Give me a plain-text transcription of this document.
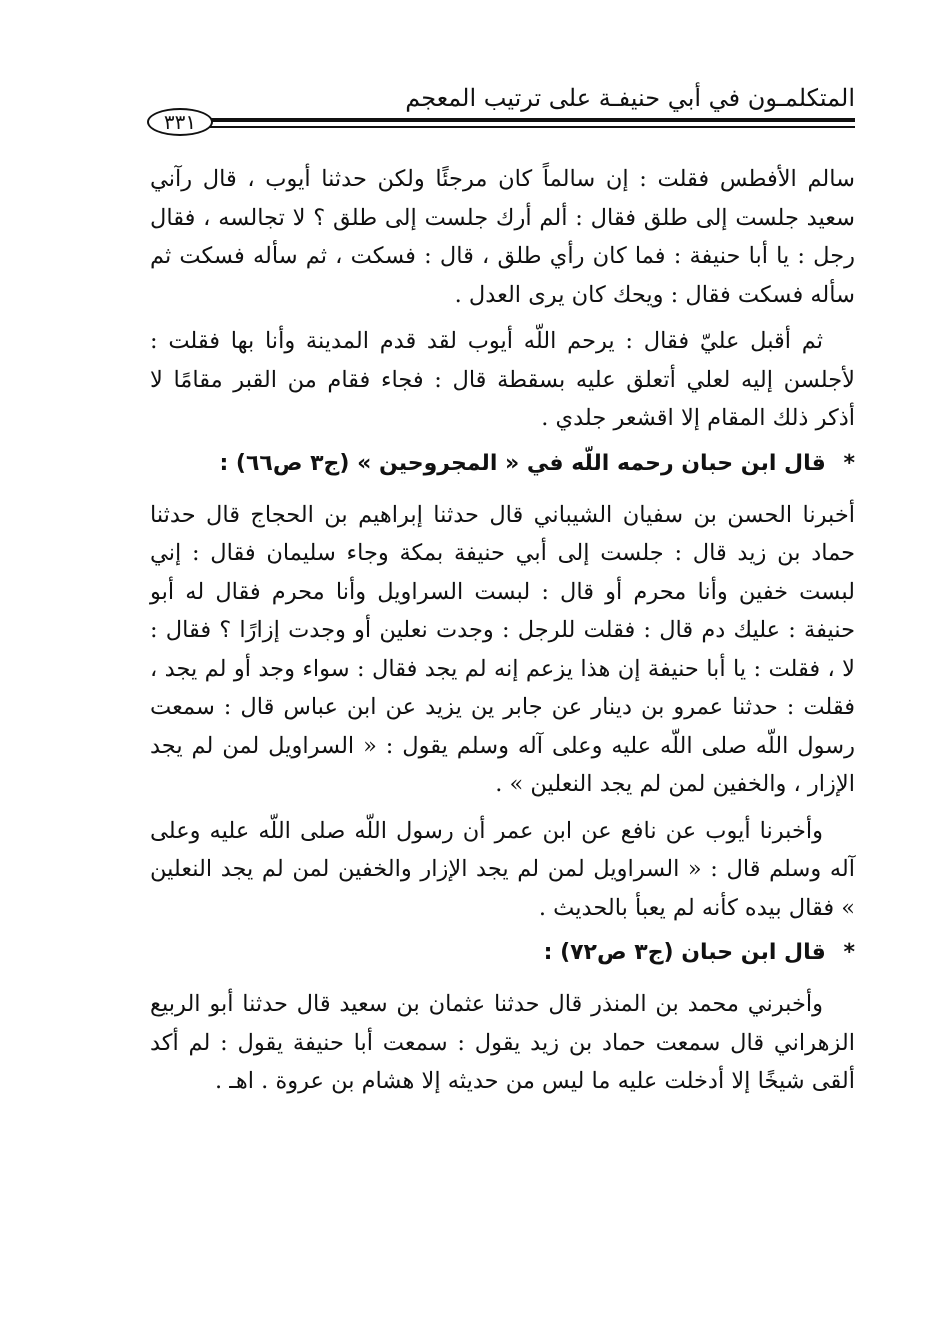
المتكلمـون في أبي حنيفـة على ترتيب المعجم
٣٣١

سالم الأفطس فقلت : إن سالماً كان مرجئًا ولكن حدثنا أيوب ، قال رآني سعيد جلست إلى طلق فقال : ألم أرك جلست إلى طلق ؟ لا تجالسه ، فقال رجل : يا أبا حنيفة : فما كان رأي طلق ، قال : فسكت ، ثم سأله فسكت ثم سأله فسكت فقال : ويحك كان يرى العدل .

ثم أقبل عليّ فقال : يرحم اللّه أيوب لقد قدم المدينة وأنا بها فقلت : لأجلسن إليه لعلي أتعلق عليه بسقطة قال : فجاء فقام من القبر مقامًا لا أذكر ذلك المقام إلا اقشعر جلدي .

* قال ابن حبان رحمه اللّه في « المجروحين » (ج٣ ص٦٦) :

أخبرنا الحسن بن سفيان الشيباني قال حدثنا إبراهيم بن الحجاج قال حدثنا حماد بن زيد قال : جلست إلى أبي حنيفة بمكة وجاء سليمان فقال : إني لبست خفين وأنا محرم أو قال : لبست السراويل وأنا محرم فقال له أبو حنيفة : عليك دم قال : فقلت للرجل : وجدت نعلين أو وجدت إزارًا ؟ فقال : لا ، فقلت : يا أبا حنيفة إن هذا يزعم إنه لم يجد فقال : سواء وجد أو لم يجد ، فقلت : حدثنا عمرو بن دينار عن جابر ين يزيد عن ابن عباس قال : سمعت رسول اللّه صلى اللّه عليه وعلى آله وسلم يقول : « السراويل لمن لم يجد الإزار ، والخفين لمن لم يجد النعلين » .

وأخبرنا أيوب عن نافع عن ابن عمر أن رسول اللّه صلى اللّه عليه وعلى آله وسلم قال : « السراويل لمن لم يجد الإزار والخفين لمن لم يجد النعلين » فقال بيده كأنه لم يعبأ بالحديث .

* قال ابن حبان (ج٣ ص٧٢) :

وأخبرني محمد بن المنذر قال حدثنا عثمان بن سعيد قال حدثنا أبو الربيع الزهراني قال سمعت حماد بن زيد يقول : سمعت أبا حنيفة يقول : لم أكد ألقى شيخًا إلا أدخلت عليه ما ليس من حديثه إلا هشام بن عروة . اهـ .
